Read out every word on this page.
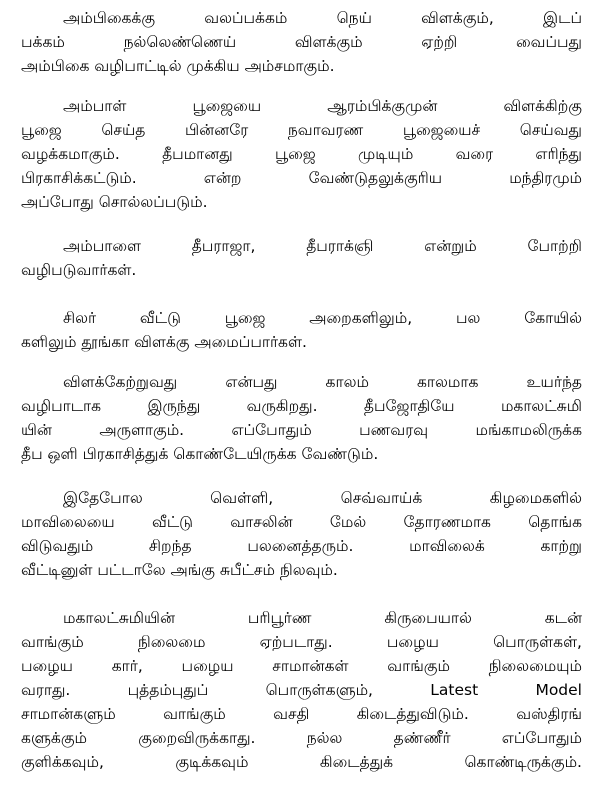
அம்பிகைக்கு வலப்பக்கம் நெய் விளக்கும், இடப்
பக்கம் நல்லெண்ணெய் விளக்கும் ஏற்றி வைப்பது
அம்பிகை வழிபாட்டில் முக்கிய அம்சமாகும்.
அம்பாள் பூஜையை ஆரம்பிக்குமுன் விளக்கிற்கு
பூஜை செய்த பின்னரே நவாவரண பூஜையைச் செய்வது
வழக்கமாகும். தீபமானது பூஜை முடியும் வரை எரிந்து
பிரகாசிக்கட்டும். என்ற வேண்டுதலுக்குரிய மந்திரமும்
அப்போது சொல்லப்படும்.
அம்பாளை தீபராஜா, தீபராக்ஞி என்றும் போற்றி
வழிபடுவார்கள்.
சிலர் வீட்டு பூஜை அறைகளிலும், பல கோயில்
களிலும் தூங்கா விளக்கு அமைப்பார்கள்.
விளக்கேற்றுவது என்பது காலம் காலமாக உயர்ந்த
வழிபாடாக இருந்து வருகிறது. தீபஜோதியே மகாலட்சுமி
யின் அருளாகும். எப்போதும் பணவரவு மங்காமலிருக்க
தீப ஒளி பிரகாசித்துக் கொண்டேயிருக்க வேண்டும்.
இதேபோல வெள்ளி, செவ்வாய்க் கிழமைகளில்
மாவிலையை வீட்டு வாசலின் மேல் தோரணமாக தொங்க
விடுவதும் சிறந்த பலனைத்தரும். மாவிலைக் காற்று
வீட்டினுள் பட்டாலே அங்கு சுபீட்சம் நிலவும்.
மகாலட்சுமியின் பரிபூர்ண கிருபையால் கடன்
வாங்கும் நிலைமை ஏற்படாது. பழைய பொருள்கள்,
பழைய கார், பழைய சாமான்கள் வாங்கும் நிலைமையும்
வராது. புத்தம்புதுப் பொருள்களும், Latest Model
சாமான்களும் வாங்கும் வசதி கிடைத்துவிடும். வஸ்திரங்
களுக்கும் குறைவிருக்காது. நல்ல தண்ணீர் எப்போதும்
குளிக்கவும், குடிக்கவும் கிடைத்துக் கொண்டிருக்கும்.
